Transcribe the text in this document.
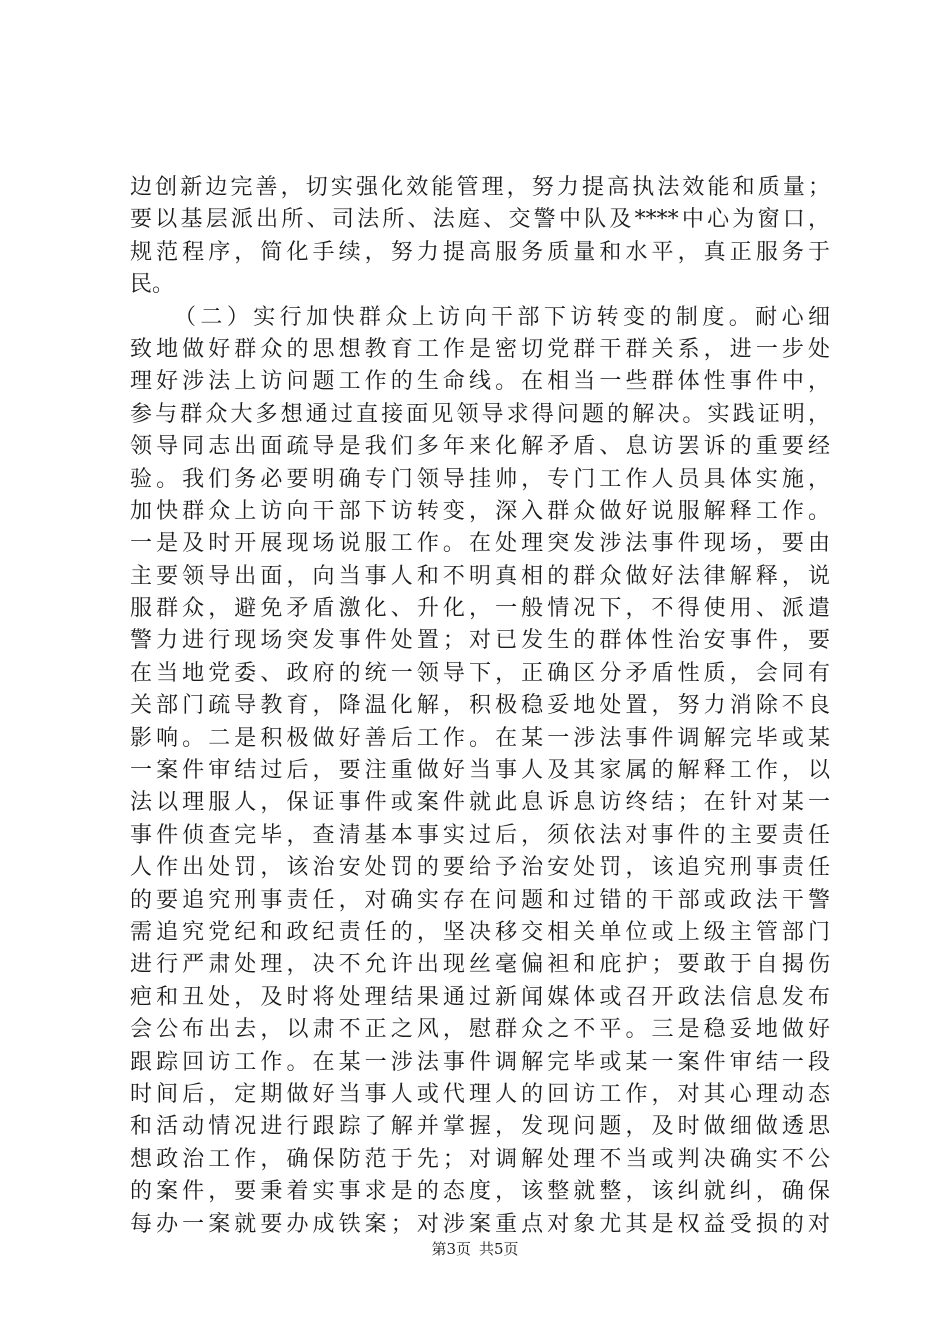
边创新边完善，切实强化效能管理，努力提高执法效能和质量；
要以基层派出所、司法所、法庭、交警中队及****中心为窗口，
规范程序，简化手续，努力提高服务质量和水平，真正服务于
民。
（二）实行加快群众上访向干部下访转变的制度。耐心细
致地做好群众的思想教育工作是密切党群干群关系，进一步处
理好涉法上访问题工作的生命线。在相当一些群体性事件中，
参与群众大多想通过直接面见领导求得问题的解决。实践证明，
领导同志出面疏导是我们多年来化解矛盾、息访罢诉的重要经
验。我们务必要明确专门领导挂帅，专门工作人员具体实施，
加快群众上访向干部下访转变，深入群众做好说服解释工作。
一是及时开展现场说服工作。在处理突发涉法事件现场，要由
主要领导出面，向当事人和不明真相的群众做好法律解释，说
服群众，避免矛盾激化、升化，一般情况下，不得使用、派遣
警力进行现场突发事件处置；对已发生的群体性治安事件，要
在当地党委、政府的统一领导下，正确区分矛盾性质，会同有
关部门疏导教育，降温化解，积极稳妥地处置，努力消除不良
影响。二是积极做好善后工作。在某一涉法事件调解完毕或某
一案件审结过后，要注重做好当事人及其家属的解释工作，以
法以理服人，保证事件或案件就此息诉息访终结；在针对某一
事件侦查完毕，查清基本事实过后，须依法对事件的主要责任
人作出处罚，该治安处罚的要给予治安处罚，该追究刑事责任
的要追究刑事责任，对确实存在问题和过错的干部或政法干警
需追究党纪和政纪责任的，坚决移交相关单位或上级主管部门
进行严肃处理，决不允许出现丝毫偏袒和庇护；要敢于自揭伤
疤和丑处，及时将处理结果通过新闻媒体或召开政法信息发布
会公布出去，以肃不正之风，慰群众之不平。三是稳妥地做好
跟踪回访工作。在某一涉法事件调解完毕或某一案件审结一段
时间后，定期做好当事人或代理人的回访工作，对其心理动态
和活动情况进行跟踪了解并掌握，发现问题，及时做细做透思
想政治工作，确保防范于先；对调解处理不当或判决确实不公
的案件，要秉着实事求是的态度，该整就整，该纠就纠，确保
每办一案就要办成铁案；对涉案重点对象尤其是权益受损的对
第3页 共5页
